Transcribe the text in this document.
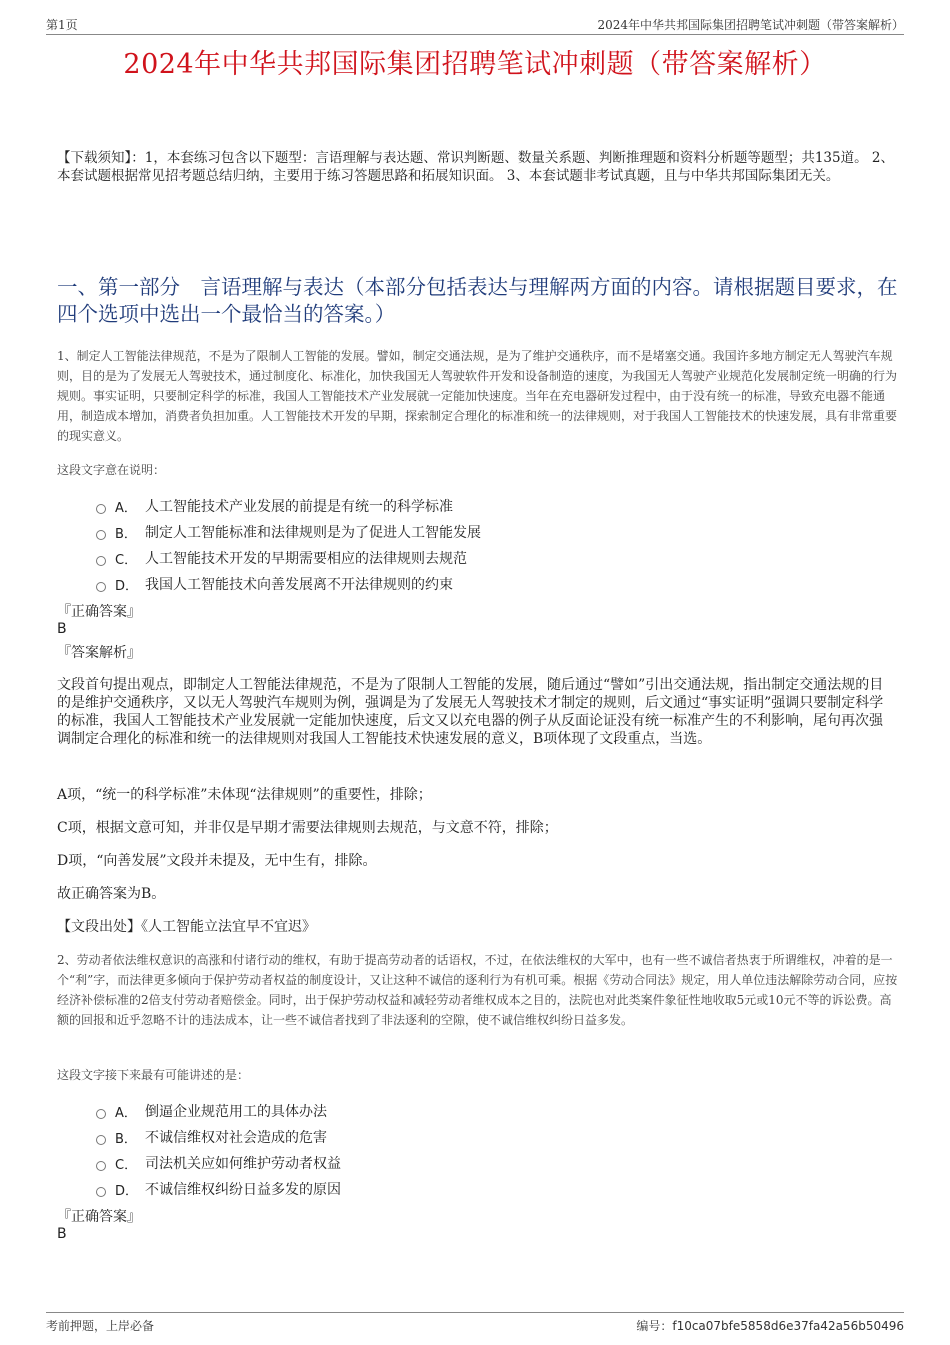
第1页	2024年中华共邦国际集团招聘笔试冲刺题（带答案解析）
2024年中华共邦国际集团招聘笔试冲刺题（带答案解析）
【下载须知】：1，本套练习包含以下题型：言语理解与表达题、常识判断题、数量关系题、判断推理题和资料分析题等题型；共135道。 2、本套试题根据常见招考题总结归纳，主要用于练习答题思路和拓展知识面。 3、本套试题非考试真题，且与中华共邦国际集团无关。
一、第一部分　言语理解与表达（本部分包括表达与理解两方面的内容。请根据题目要求，在四个选项中选出一个最恰当的答案。）
1、制定人工智能法律规范，不是为了限制人工智能的发展。譬如，制定交通法规，是为了维护交通秩序，而不是堵塞交通。我国许多地方制定无人驾驶汽车规则，目的是为了发展无人驾驶技术，通过制度化、标准化，加快我国无人驾驶软件开发和设备制造的速度，为我国无人驾驶产业规范化发展制定统一明确的行为规则。事实证明，只要制定科学的标准，我国人工智能技术产业发展就一定能加快速度。当年在充电器研发过程中，由于没有统一的标准，导致充电器不能通用，制造成本增加，消费者负担加重。人工智能技术开发的早期，探索制定合理化的标准和统一的法律规则，对于我国人工智能技术的快速发展，具有非常重要的现实意义。
这段文字意在说明：
A． 人工智能技术产业发展的前提是有统一的科学标准
B． 制定人工智能标准和法律规则是为了促进人工智能发展
C． 人工智能技术开发的早期需要相应的法律规则去规范
D． 我国人工智能技术向善发展离不开法律规则的约束
『正确答案』
B
『答案解析』
文段首句提出观点，即制定人工智能法律规范，不是为了限制人工智能的发展，随后通过“譬如”引出交通法规，指出制定交通法规的目的是维护交通秩序，又以无人驾驶汽车规则为例，强调是为了发展无人驾驶技术才制定的规则，后文通过“事实证明”强调只要制定科学的标准，我国人工智能技术产业发展就一定能加快速度，后文又以充电器的例子从反面论证没有统一标准产生的不利影响，尾句再次强调制定合理化的标准和统一的法律规则对我国人工智能技术快速发展的意义，B项体现了文段重点，当选。
A项，“统一的科学标准”未体现“法律规则”的重要性，排除；
C项，根据文意可知，并非仅是早期才需要法律规则去规范，与文意不符，排除；
D项，“向善发展”文段并未提及，无中生有，排除。
故正确答案为B。
【文段出处】《人工智能立法宜早不宜迟》
2、劳动者依法维权意识的高涨和付诸行动的维权，有助于提高劳动者的话语权，不过，在依法维权的大军中，也有一些不诚信者热衷于所谓维权，冲着的是一个“利”字，而法律更多倾向于保护劳动者权益的制度设计，又让这种不诚信的逐利行为有机可乘。根据《劳动合同法》规定，用人单位违法解除劳动合同，应按经济补偿标准的2倍支付劳动者赔偿金。同时，出于保护劳动权益和减轻劳动者维权成本之目的，法院也对此类案件象征性地收取5元或10元不等的诉讼费。高额的回报和近乎忽略不计的违法成本，让一些不诚信者找到了非法逐利的空隙，使不诚信维权纠纷日益多发。
这段文字接下来最有可能讲述的是：
A． 倒逼企业规范用工的具体办法
B． 不诚信维权对社会造成的危害
C． 司法机关应如何维护劳动者权益
D． 不诚信维权纠纷日益多发的原因
『正确答案』
B
考前押题，上岸必备	编号：f10ca07bfe5858d6e37fa42a56b50496
